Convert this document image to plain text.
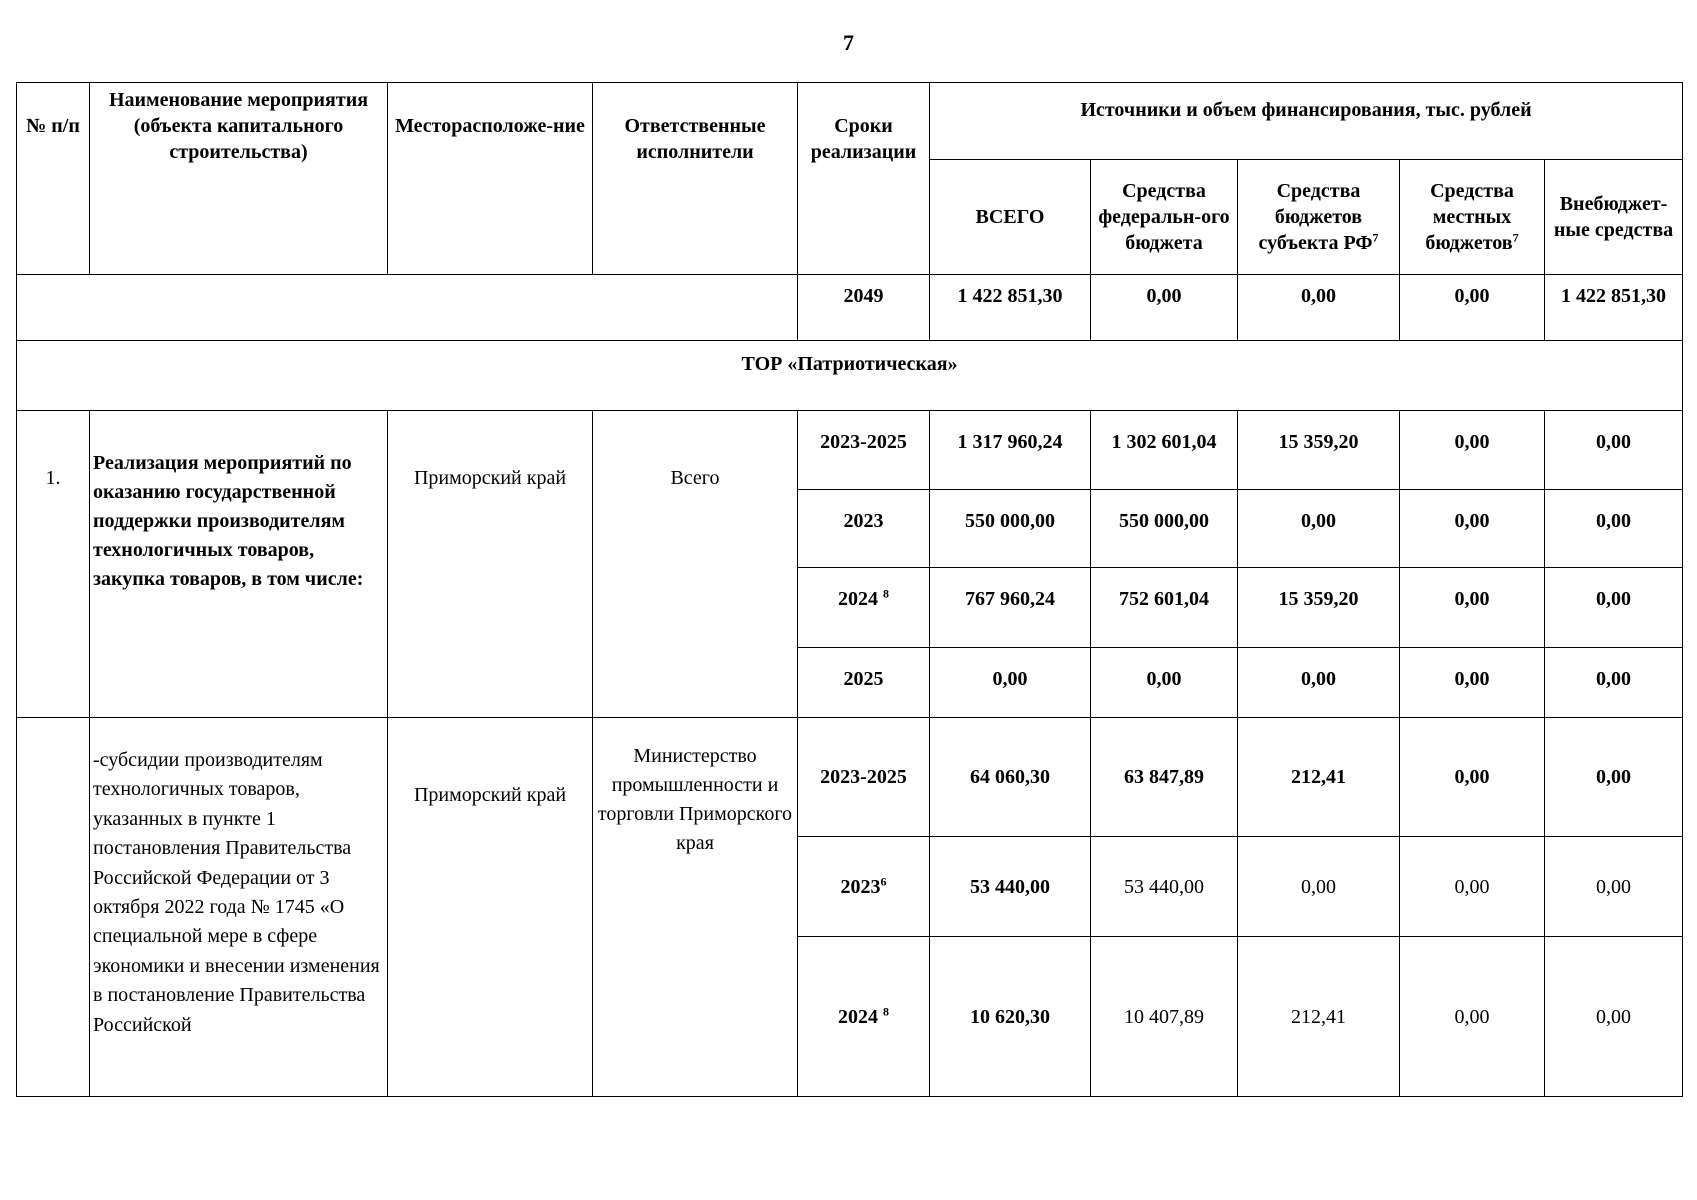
7
№ п/п	Наименование мероприятия (объекта капитального строительства)	Месторасположе-ние	Ответственные исполнители	Сроки реализации	Источники и объем финансирования, тыс. рублей				
					ВСЕГО	Средства федеральн-ого бюджета	Средства бюджетов субъекта $РФ^7$	Средства местных бюджетов$^7$	Внебюджет-ные средства
				2049	1 422 851,30	0,00	0,00	0,00	1 422 851,30
ТОР «Патриотическая»									
1.	Реализация мероприятий по оказанию государственной поддержки производителям технологичных товаров, закупка товаров, в том числе:	Приморский край	Всего	2023-2025	1 317 960,24	1 302 601,04	15 359,20	0,00	0,00
				2023	550 000,00	550 000,00	0,00	0,00	0,00
				2024 $^8$	767 960,24	752 601,04	15 359,20	0,00	0,00
				2025	0,00	0,00	0,00	0,00	0,00
	-субсидии производителям технологичных товаров, указанных в пункте 1 постановления Правительства Российской Федерации от 3 октября 2022 года № 1745 «О специальной мере в сфере экономики и внесении изменения в постановление Правительства Российской	Приморский край	Министерство промышленности и торговли Приморского края	2023-2025	64 060,30	63 847,89	212,41	0,00	0,00
				2023$^6$	53 440,00	53 440,00	0,00	0,00	0,00
				2024 $^8$	10 620,30	10 407,89	212,41	0,00	0,00
